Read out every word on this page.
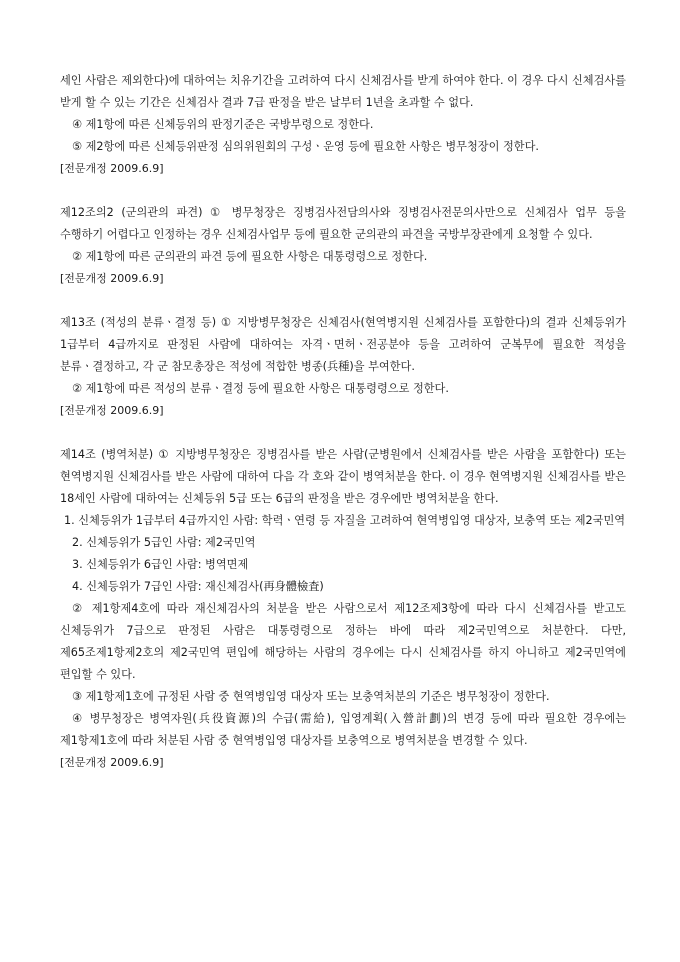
세인 사람은 제외한다)에 대하여는 치유기간을 고려하여 다시 신체검사를 받게 하여야 한다. 이 경우 다시 신체검사를 받게 할 수 있는 기간은 신체검사 결과 7급 판정을 받은 날부터 1년을 초과할 수 없다.

④ 제1항에 따른 신체등위의 판정기준은 국방부령으로 정한다.

⑤ 제2항에 따른 신체등위판정 심의위원회의 구성ㆍ운영 등에 필요한 사항은 병무청장이 정한다.

[전문개정 2009.6.9]

제12조의2 (군의관의 파견) ① 병무청장은 징병검사전담의사와 징병검사전문의사만으로 신체검사 업무 등을 수행하기 어렵다고 인정하는 경우 신체검사업무 등에 필요한 군의관의 파견을 국방부장관에게 요청할 수 있다.

② 제1항에 따른 군의관의 파견 등에 필요한 사항은 대통령령으로 정한다.

[전문개정 2009.6.9]

제13조 (적성의 분류ㆍ결정 등) ① 지방병무청장은 신체검사(현역병지원 신체검사를 포함한다)의 결과 신체등위가 1급부터 4급까지로 판정된 사람에 대하여는 자격ㆍ면허ㆍ전공분야 등을 고려하여 군복무에 필요한 적성을 분류ㆍ결정하고, 각 군 참모총장은 적성에 적합한 병종(兵種)을 부여한다.

② 제1항에 따른 적성의 분류ㆍ결정 등에 필요한 사항은 대통령령으로 정한다.

[전문개정 2009.6.9]

제14조 (병역처분) ① 지방병무청장은 징병검사를 받은 사람(군병원에서 신체검사를 받은 사람을 포함한다) 또는 현역병지원 신체검사를 받은 사람에 대하여 다음 각 호와 같이 병역처분을 한다. 이 경우 현역병지원 신체검사를 받은 18세인 사람에 대하여는 신체등위 5급 또는 6급의 판정을 받은 경우에만 병역처분을 한다.

1. 신체등위가 1급부터 4급까지인 사람: 학력ㆍ연령 등 자질을 고려하여 현역병입영 대상자, 보충역 또는 제2국민역

2. 신체등위가 5급인 사람: 제2국민역

3. 신체등위가 6급인 사람: 병역면제

4. 신체등위가 7급인 사람: 재신체검사(再身體檢査)

② 제1항제4호에 따라 재신체검사의 처분을 받은 사람으로서 제12조제3항에 따라 다시 신체검사를 받고도 신체등위가 7급으로 판정된 사람은 대통령령으로 정하는 바에 따라 제2국민역으로 처분한다. 다만, 제65조제1항제2호의 제2국민역 편입에 해당하는 사람의 경우에는 다시 신체검사를 하지 아니하고 제2국민역에 편입할 수 있다.

③ 제1항제1호에 규정된 사람 중 현역병입영 대상자 또는 보충역처분의 기준은 병무청장이 정한다.

④ 병무청장은 병역자원(兵役資源)의 수급(需給), 입영계획(入營計劃)의 변경 등에 따라 필요한 경우에는 제1항제1호에 따라 처분된 사람 중 현역병입영 대상자를 보충역으로 병역처분을 변경할 수 있다.

[전문개정 2009.6.9]
